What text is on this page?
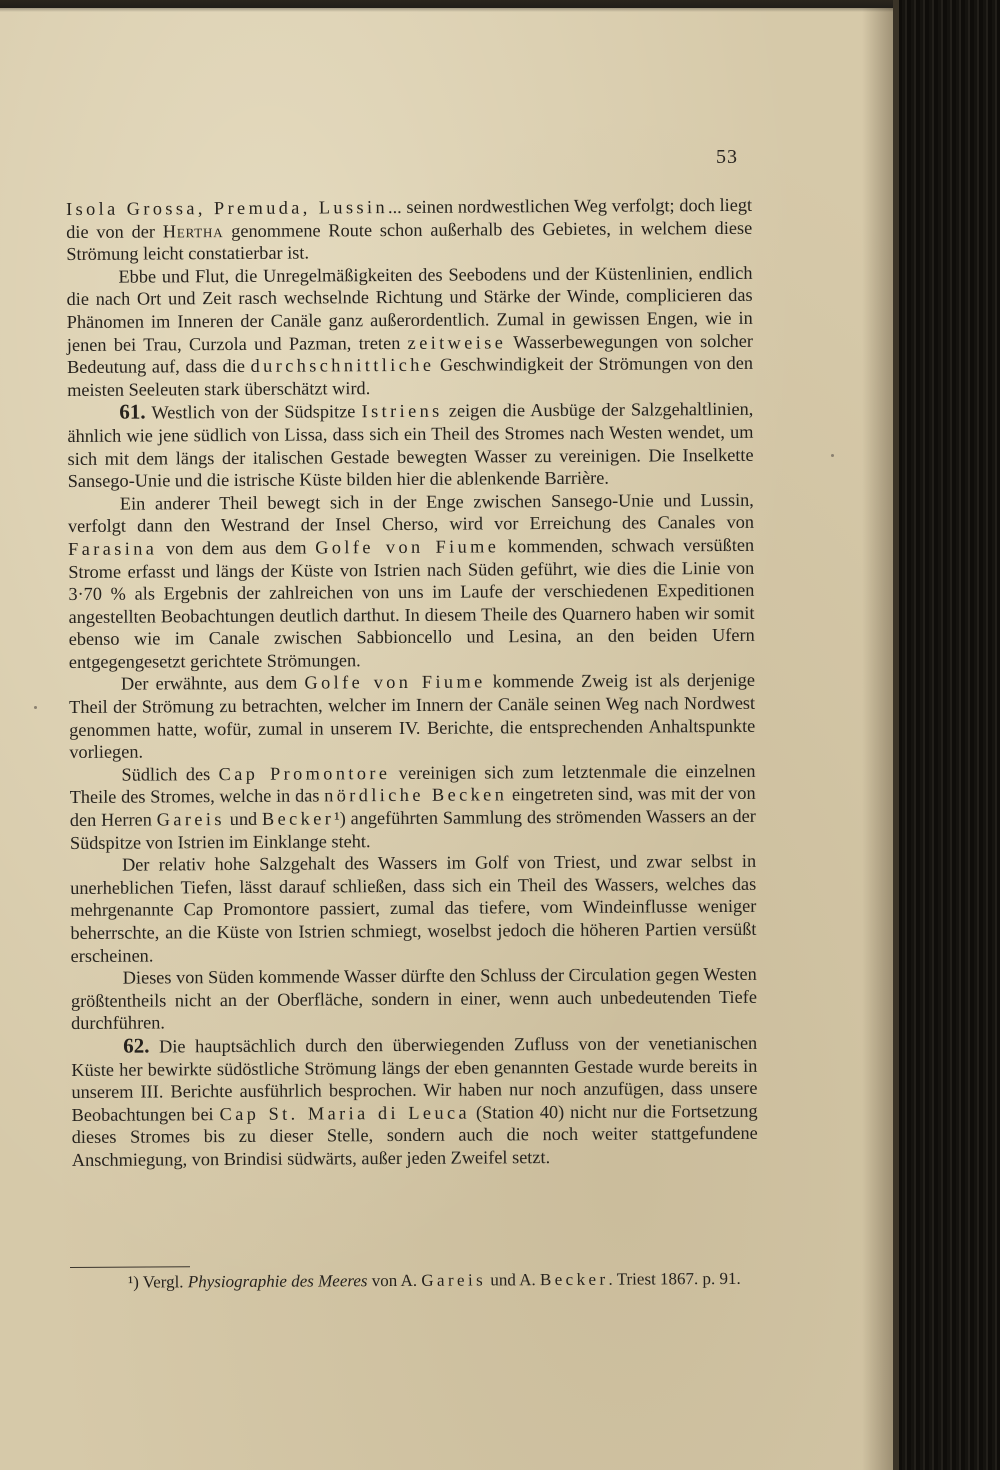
53

Isola Grossa, Premuda, Lussin... seinen nordwestlichen Weg verfolgt; doch liegt die von der Hertha genommene Route schon außerhalb des Gebietes, in welchem diese Strömung leicht constatierbar ist.

Ebbe und Flut, die Unregelmäßigkeiten des Seebodens und der Küstenlinien, endlich die nach Ort und Zeit rasch wechselnde Richtung und Stärke der Winde, complicieren das Phänomen im Inneren der Canäle ganz außerordentlich. Zumal in gewissen Engen, wie in jenen bei Trau, Curzola und Pazman, treten zeitweise Wasserbewegungen von solcher Bedeutung auf, dass die durchschnittliche Geschwindigkeit der Strömungen von den meisten Seeleuten stark überschätzt wird.

61. Westlich von der Südspitze Istriens zeigen die Ausbüge der Salzgehaltlinien, ähnlich wie jene südlich von Lissa, dass sich ein Theil des Stromes nach Westen wendet, um sich mit dem längs der italischen Gestade bewegten Wasser zu vereinigen. Die Inselkette Sansego-Unie und die istrische Küste bilden hier die ablenkende Barrière.

Ein anderer Theil bewegt sich in der Enge zwischen Sansego-Unie und Lussin, verfolgt dann den Westrand der Insel Cherso, wird vor Erreichung des Canales von Farasina von dem aus dem Golfe von Fiume kommenden, schwach versüßten Strome erfasst und längs der Küste von Istrien nach Süden geführt, wie dies die Linie von 3·70 % als Ergebnis der zahlreichen von uns im Laufe der verschiedenen Expeditionen angestellten Beobachtungen deutlich darthut. In diesem Theile des Quarnero haben wir somit ebenso wie im Canale zwischen Sabbioncello und Lesina, an den beiden Ufern entgegengesetzt gerichtete Strömungen.

Der erwähnte, aus dem Golfe von Fiume kommende Zweig ist als derjenige Theil der Strömung zu betrachten, welcher im Innern der Canäle seinen Weg nach Nordwest genommen hatte, wofür, zumal in unserem IV. Berichte, die entsprechenden Anhaltspunkte vorliegen.

Südlich des Cap Promontore vereinigen sich zum letztenmale die einzelnen Theile des Stromes, welche in das nördliche Becken eingetreten sind, was mit der von den Herren Gareis und Becker¹) angeführten Sammlung des strömenden Wassers an der Südspitze von Istrien im Einklange steht.

Der relativ hohe Salzgehalt des Wassers im Golf von Triest, und zwar selbst in unerheblichen Tiefen, lässt darauf schließen, dass sich ein Theil des Wassers, welches das mehrgenannte Cap Promontore passiert, zumal das tiefere, vom Windeinflusse weniger beherrschte, an die Küste von Istrien schmiegt, woselbst jedoch die höheren Partien versüßt erscheinen.

Dieses von Süden kommende Wasser dürfte den Schluss der Circulation gegen Westen größtentheils nicht an der Oberfläche, sondern in einer, wenn auch unbedeutenden Tiefe durchführen.

62. Die hauptsächlich durch den überwiegenden Zufluss von der venetianischen Küste her bewirkte südöstliche Strömung längs der eben genannten Gestade wurde bereits in unserem III. Berichte ausführlich besprochen. Wir haben nur noch anzufügen, dass unsere Beobachtungen bei Cap St. Maria di Leuca (Station 40) nicht nur die Fortsetzung dieses Stromes bis zu dieser Stelle, sondern auch die noch weiter stattgefundene Anschmiegung, von Brindisi südwärts, außer jeden Zweifel setzt.

¹) Vergl. Physiographie des Meeres von A. Gareis und A. Becker. Triest 1867. p. 91.
